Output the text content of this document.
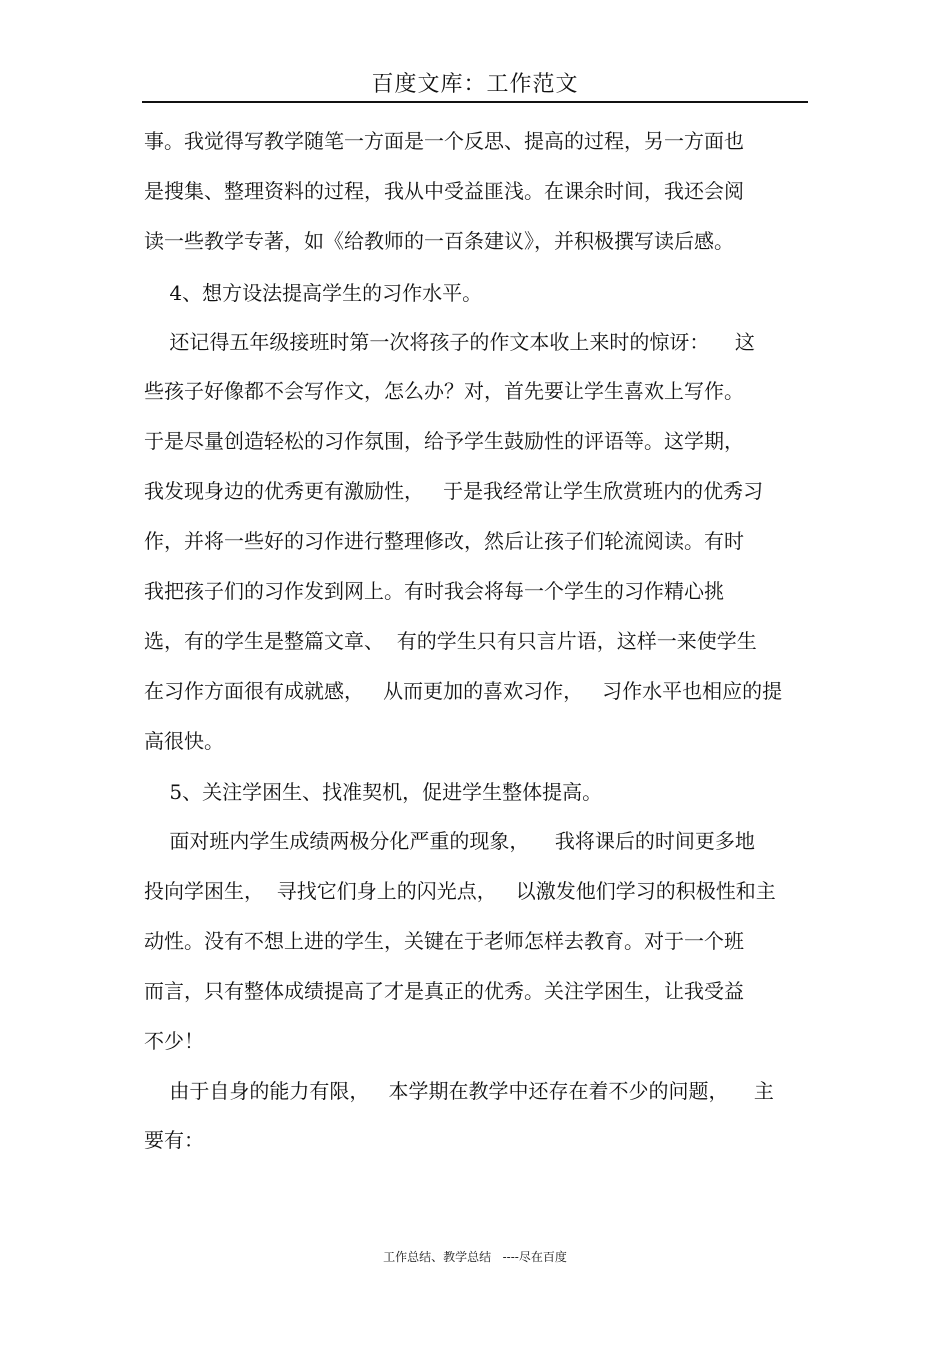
百度文库：工作范文
事。我觉得写教学随笔一方面是一个反思、提高的过程，另一方面也
是搜集、整理资料的过程，我从中受益匪浅。在课余时间，我还会阅
读一些教学专著，如《给教师的一百条建议》，并积极撰写读后感。
4、想方设法提高学生的习作水平。
还记得五年级接班时第一次将孩子的作文本收上来时的惊讶：    这
些孩子好像都不会写作文，怎么办？对，首先要让学生喜欢上写作。
于是尽量创造轻松的习作氛围，给予学生鼓励性的评语等。这学期，
我发现身边的优秀更有激励性，   于是我经常让学生欣赏班内的优秀习
作，并将一些好的习作进行整理修改，然后让孩子们轮流阅读。有时
我把孩子们的习作发到网上。有时我会将每一个学生的习作精心挑
选，有的学生是整篇文章、  有的学生只有只言片语，这样一来使学生
在习作方面很有成就感，   从而更加的喜欢习作，   习作水平也相应的提
高很快。
5、关注学困生、找准契机，促进学生整体提高。
面对班内学生成绩两极分化严重的现象，    我将课后的时间更多地
投向学困生，  寻找它们身上的闪光点，   以激发他们学习的积极性和主
动性。没有不想上进的学生，关键在于老师怎样去教育。对于一个班
而言，只有整体成绩提高了才是真正的优秀。关注学困生，让我受益
不少！
由于自身的能力有限，   本学期在教学中还存在着不少的问题，    主
要有：
工作总结、教学总结   ----尽在百度
